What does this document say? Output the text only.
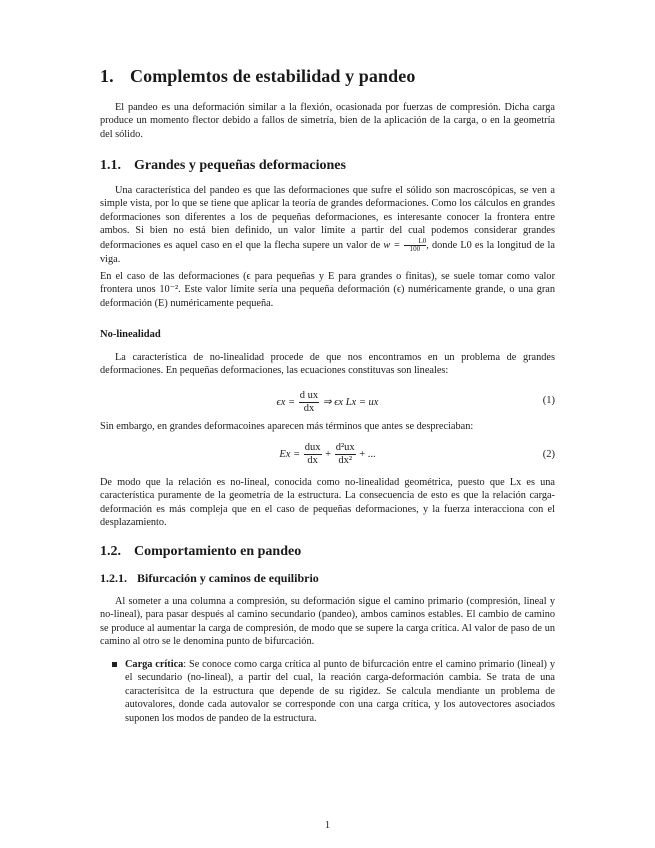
1. Complemtos de estabilidad y pandeo

El pandeo es una deformación similar a la flexión, ocasionada por fuerzas de compresión. Dicha carga produce un momento flector debido a fallos de simetría, bien de la aplicación de la carga, o en la geometría del sólido.

1.1. Grandes y pequeñas deformaciones

Una característica del pandeo es que las deformaciones que sufre el sólido son macroscópicas, se ven a simple vista, por lo que se tiene que aplicar la teoría de grandes deformaciones. Como los cálculos en grandes deformaciones son diferentes a los de pequeñas deformaciones, es interesante conocer la frontera entre ambos. Si bien no está bien definido, un valor límite a partir del cual podemos considerar grandes deformaciones es aquel caso en el que la flecha supere un valor de $w = \frac{L0}{100}$, donde L0 es la longitud de la viga.

En el caso de las deformaciones (ϵ para pequeñas y E para grandes o finitas), se suele tomar como valor frontera unos 10⁻². Este valor límite sería una pequeña deformación (ϵ) numéricamente grande, o una gran deformación (E) numéricamente pequeña.

No-linealidad

La característica de no-linealidad procede de que nos encontramos en un problema de grandes deformaciones. En pequeñas deformaciones, las ecuaciones constituvas son lineales:

$\epsilon x = \frac{\text{d ux}}{dx}$ ⇒ ϵx Lx = ux	(1)

Sin embargo, en grandes deformacoines aparecen más términos que antes se despreciaban:

$Ex = \frac{\text{dux}}{dx} + \frac{\text{d²ux}}{\text{dx²}}$ + ...	(2)

De modo que la relación es no-lineal, conocida como no-linealidad geométrica, puesto que Lx es una característica puramente de la geometría de la estructura. La consecuencia de esto es que la relación carga-deformación es más compleja que en el caso de pequeñas deformaciones, y la fuerza interacciona con el desplazamiento.

1.2. Comportamiento en pandeo
1.2.1. Bifurcación y caminos de equilibrio

Al someter a una columna a compresión, su deformación sigue el camino primario (compresión, lineal y no-lineal), para pasar después al camino secundario (pandeo), ambos caminos estables. El cambio de camino se produce al aumentar la carga de compresión, de modo que se supere la carga crítica. Al valor de paso de un camino al otro se le denomina punto de bifurcación.

Carga crítica: Se conoce como carga crítica al punto de bifurcación entre el camino primario (lineal) y el secundario (no-lineal), a partir del cual, la reación carga-deformación cambia. Se trata de una caracterísitca de la estructura que depende de su rigidez. Se calcula mendiante un problema de autovalores, donde cada autovalor se corresponde con una carga crítica, y los autovectores asociados suponen los modos de pandeo de la estructura.
1
